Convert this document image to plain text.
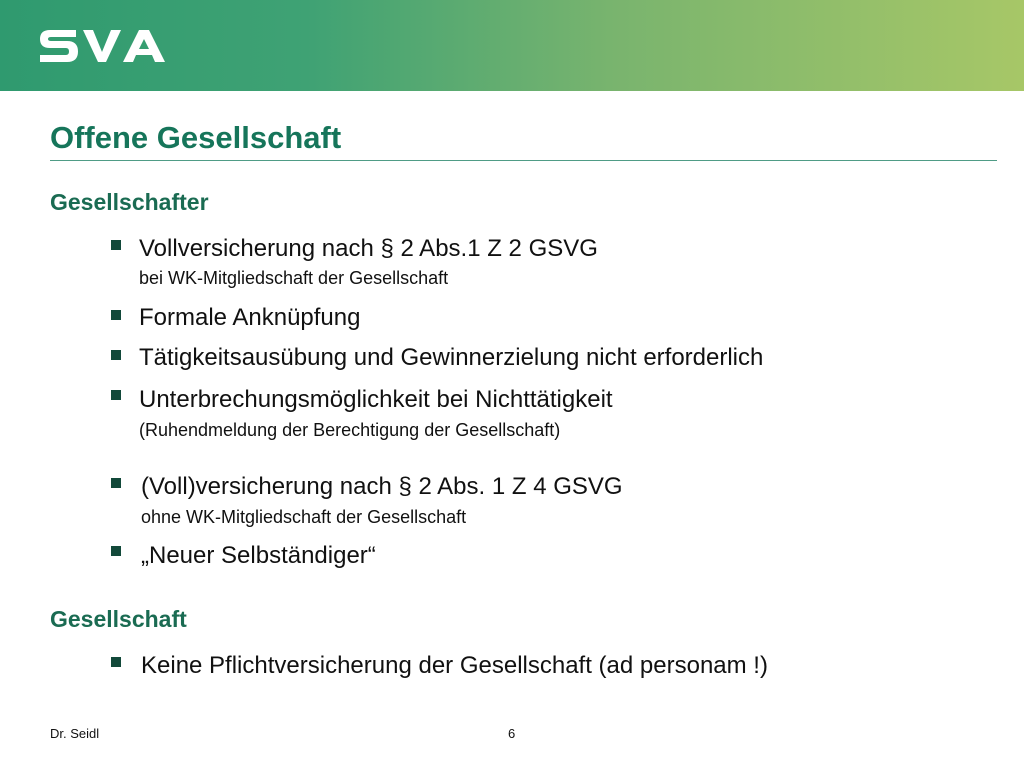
Offene Gesellschaft
Gesellschafter

Vollversicherung nach § 2 Abs.1 Z 2 GSVG

bei WK-Mitgliedschaft der Gesellschaft

Formale Anknüpfung

Tätigkeitsausübung und Gewinnerzielung nicht erforderlich

Unterbrechungsmöglichkeit bei Nichttätigkeit

(Ruhendmeldung der Berechtigung der Gesellschaft)

(Voll)versicherung nach § 2 Abs. 1 Z 4 GSVG

ohne WK-Mitgliedschaft der Gesellschaft

„Neuer Selbständiger“

Gesellschaft

Keine Pflichtversicherung der Gesellschaft (ad personam !)

Dr. Seidl	6
